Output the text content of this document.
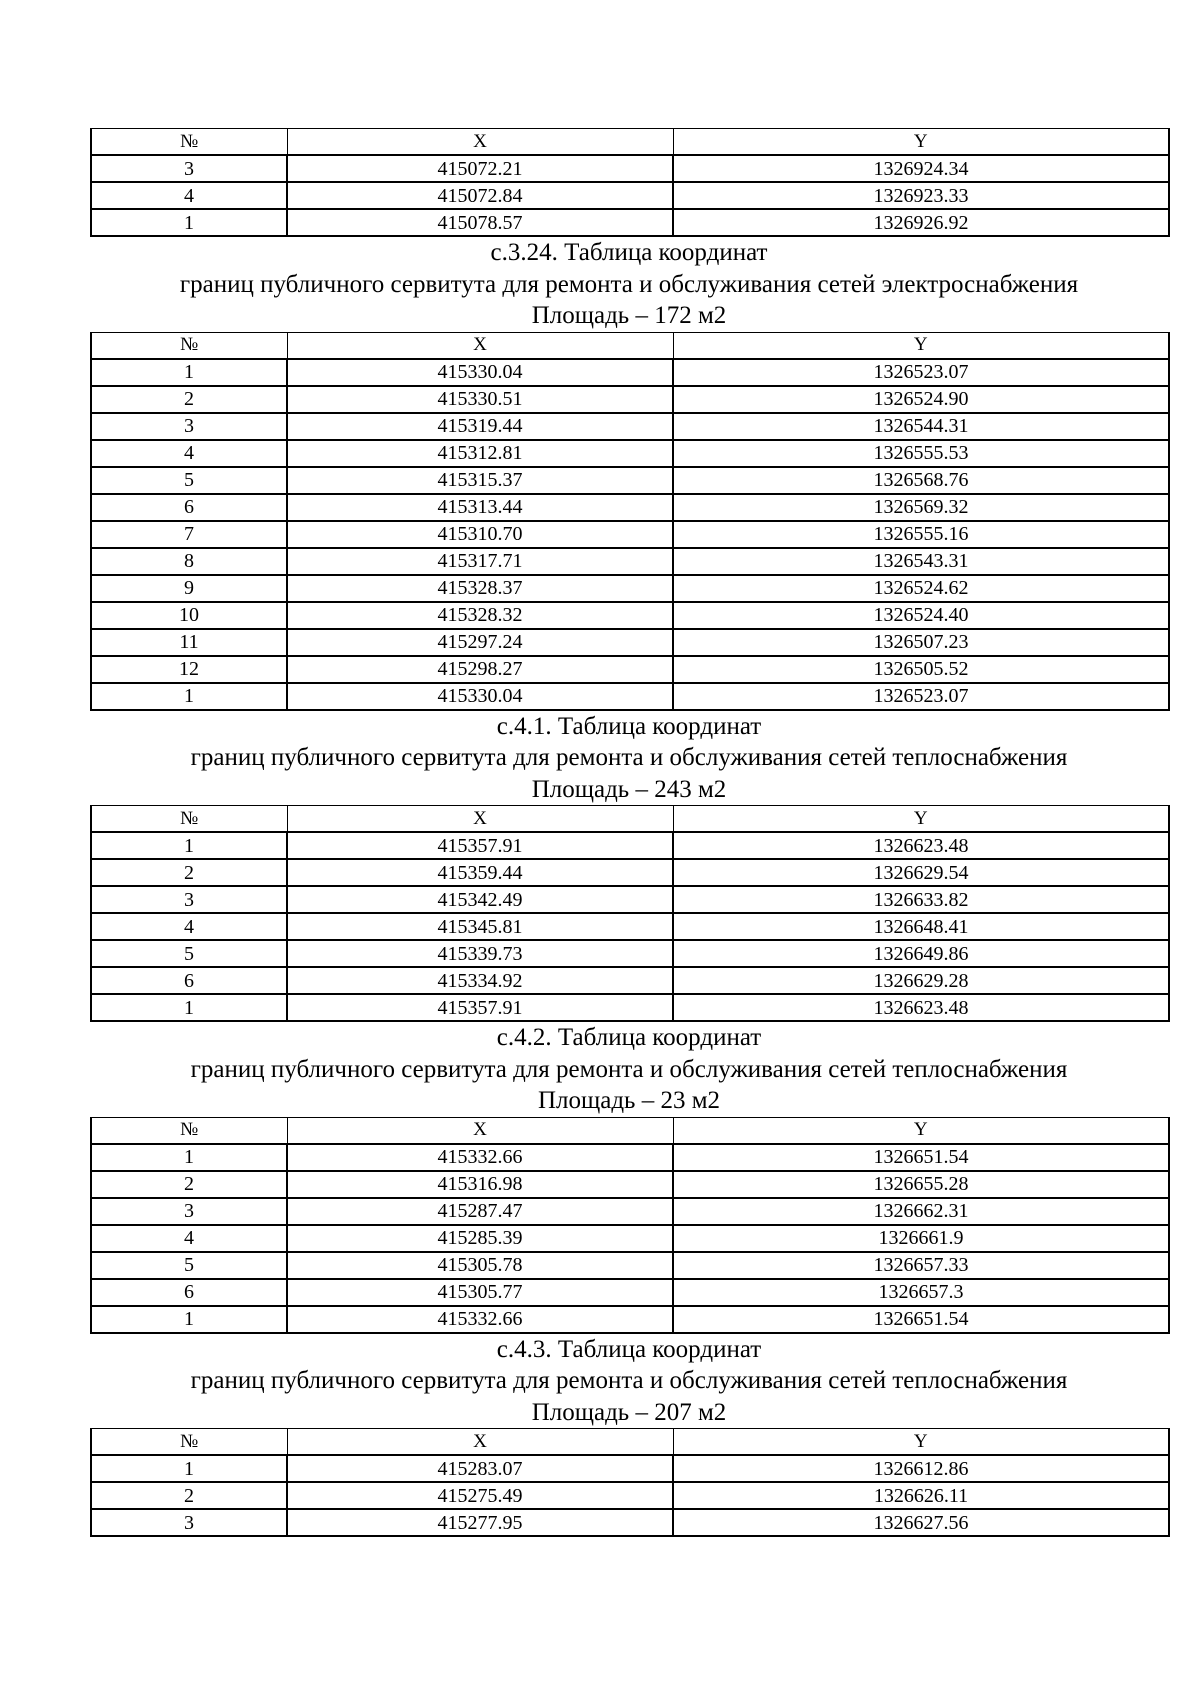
№	X	Y
3	415072.21	1326924.34
4	415072.84	1326923.33
1	415078.57	1326926.92
с.3.24. Таблица координат
границ публичного сервитута для ремонта и обслуживания сетей электроснабжения
Площадь – 172 м2
№	X	Y
1	415330.04	1326523.07
2	415330.51	1326524.90
3	415319.44	1326544.31
4	415312.81	1326555.53
5	415315.37	1326568.76
6	415313.44	1326569.32
7	415310.70	1326555.16
8	415317.71	1326543.31
9	415328.37	1326524.62
10	415328.32	1326524.40
11	415297.24	1326507.23
12	415298.27	1326505.52
1	415330.04	1326523.07
с.4.1. Таблица координат
границ публичного сервитута для ремонта и обслуживания сетей теплоснабжения
Площадь – 243 м2
№	X	Y
1	415357.91	1326623.48
2	415359.44	1326629.54
3	415342.49	1326633.82
4	415345.81	1326648.41
5	415339.73	1326649.86
6	415334.92	1326629.28
1	415357.91	1326623.48
с.4.2. Таблица координат
границ публичного сервитута для ремонта и обслуживания сетей теплоснабжения
Площадь – 23 м2
№	X	Y
1	415332.66	1326651.54
2	415316.98	1326655.28
3	415287.47	1326662.31
4	415285.39	1326661.9
5	415305.78	1326657.33
6	415305.77	1326657.3
1	415332.66	1326651.54
с.4.3. Таблица координат
границ публичного сервитута для ремонта и обслуживания сетей теплоснабжения
Площадь – 207 м2
№	X	Y
1	415283.07	1326612.86
2	415275.49	1326626.11
3	415277.95	1326627.56
